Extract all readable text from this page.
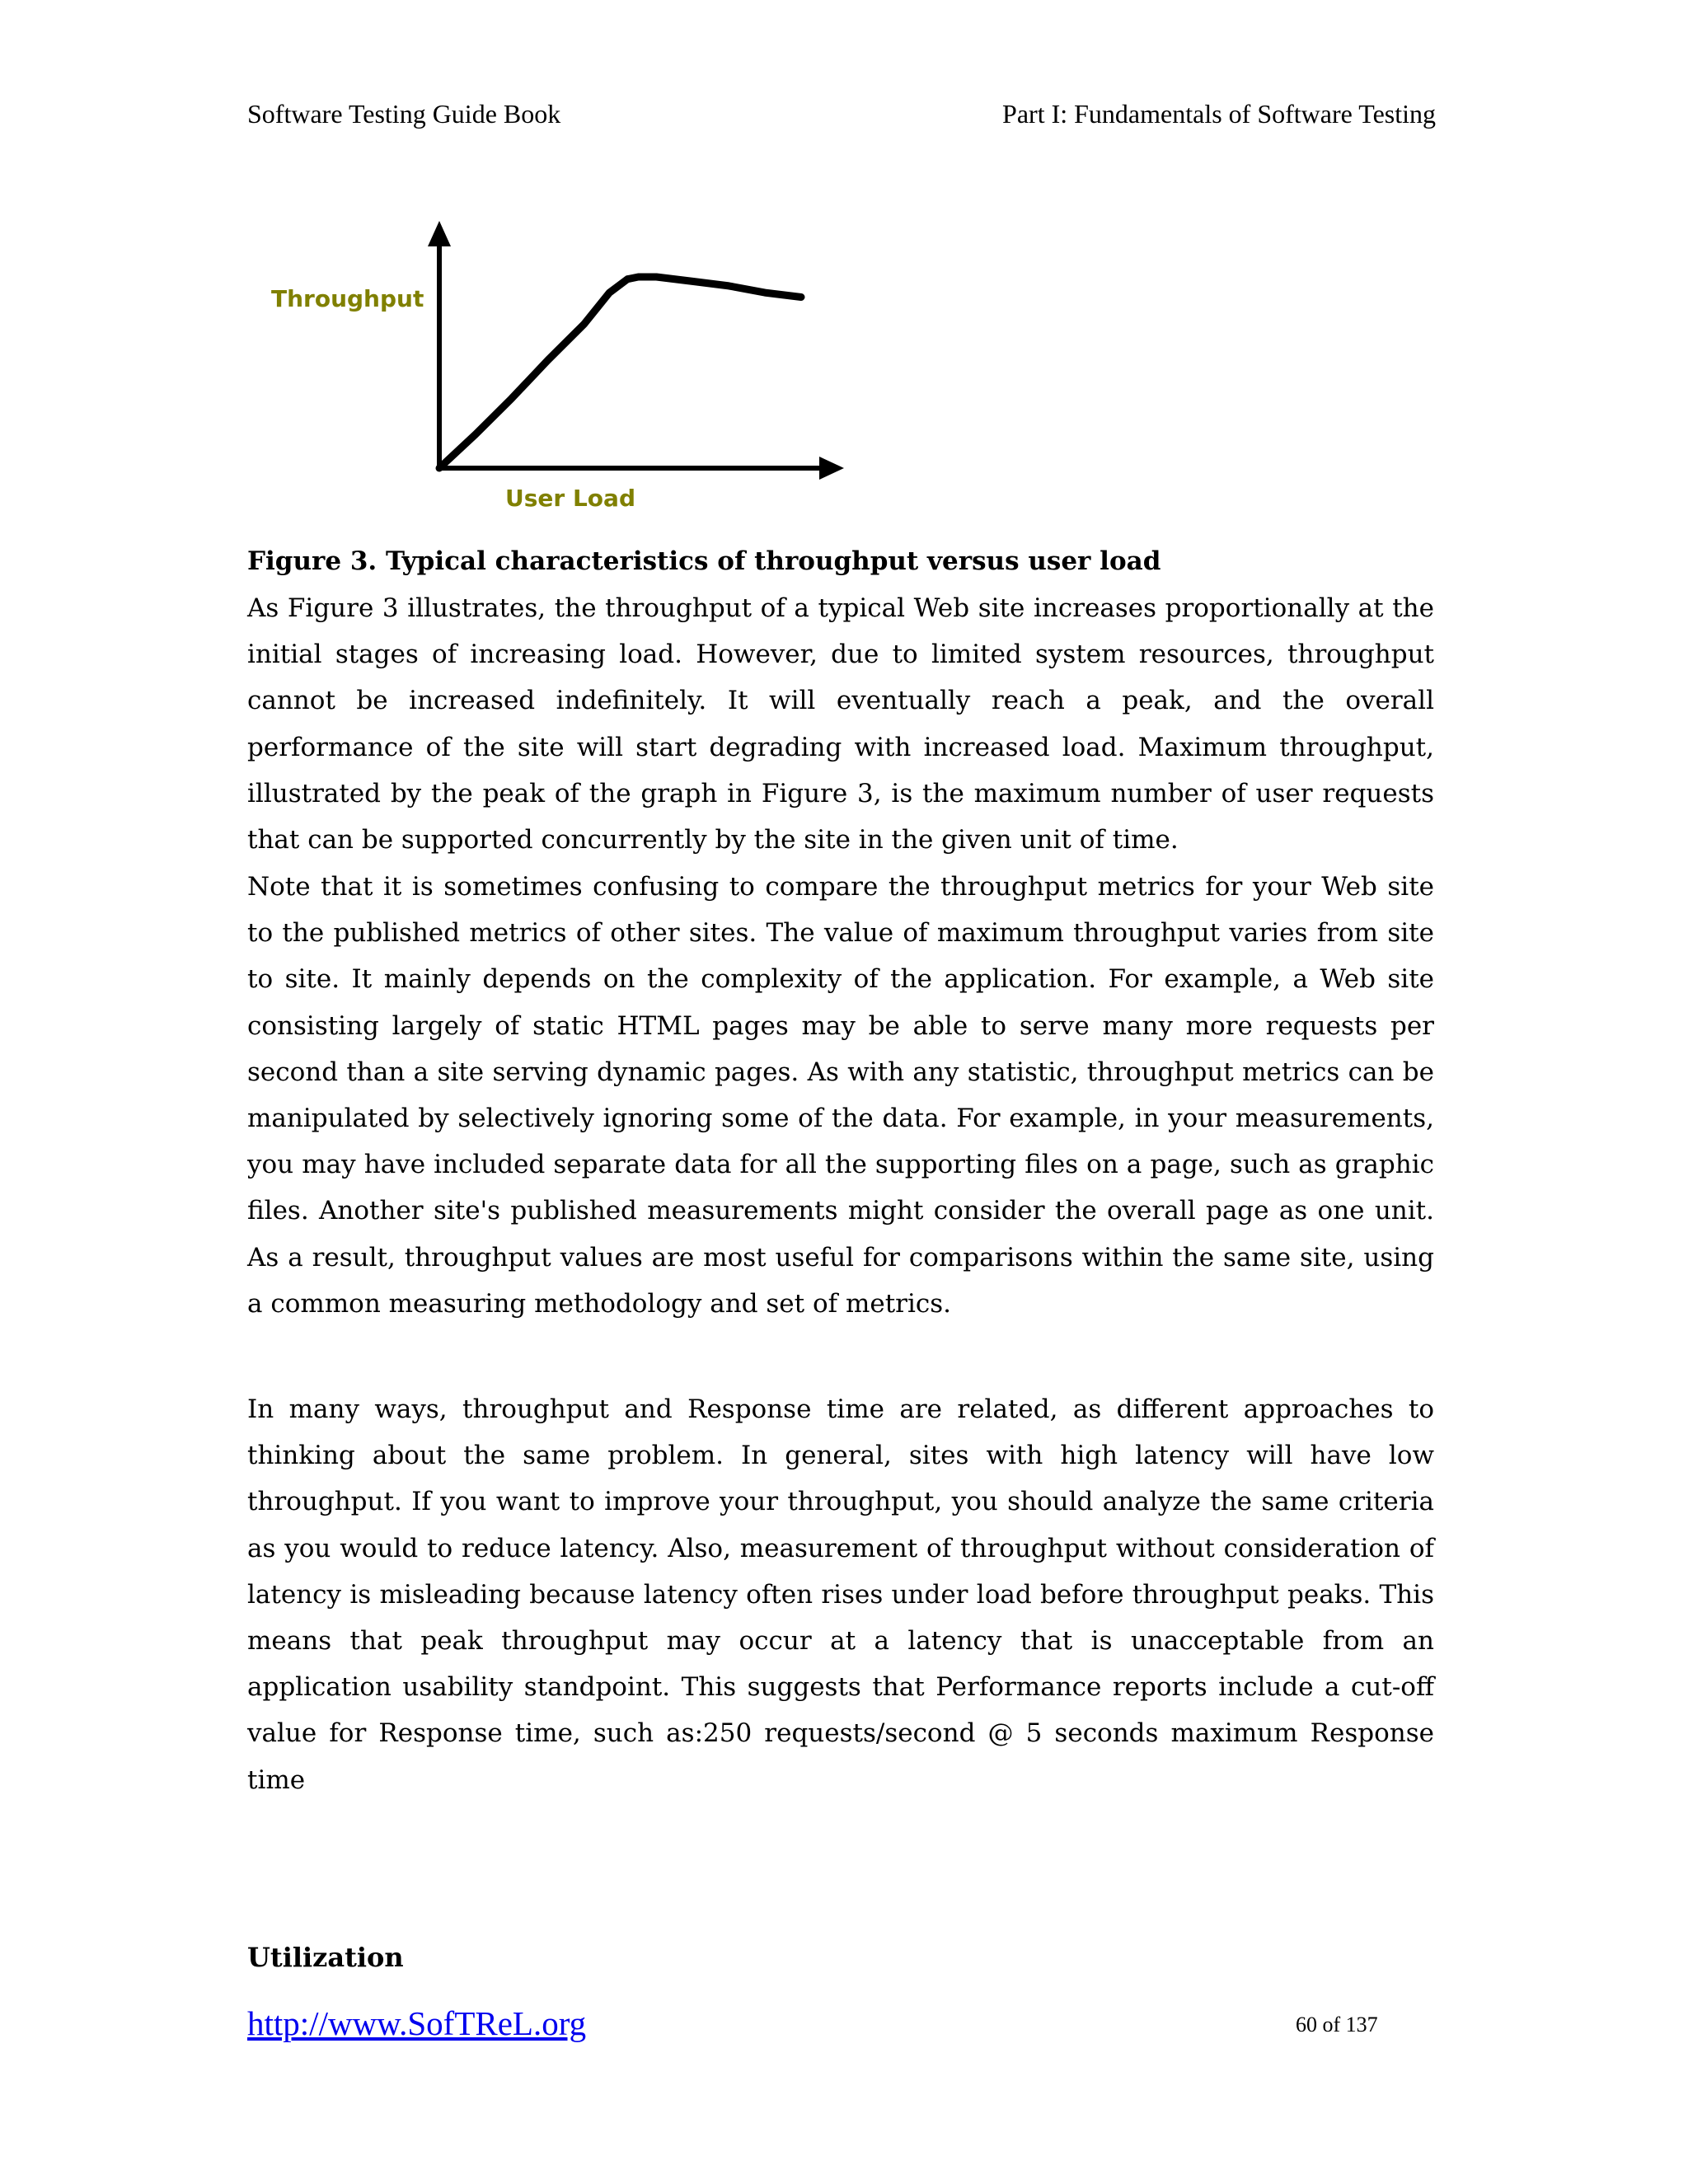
Software Testing Guide Book	Part I: Fundamentals of Software Testing
Throughput
User Load
Figure 3. Typical characteristics of throughput versus user load

As Figure 3 illustrates, the throughput of a typical Web site increases proportionally at the initial stages of increasing load. However, due to limited system resources, throughput cannot be increased indefinitely. It will eventually reach a peak, and the overall performance of the site will start degrading with increased load. Maximum throughput, illustrated by the peak of the graph in Figure 3, is the maximum number of user requests that can be supported concurrently by the site in the given unit of time.

Note that it is sometimes confusing to compare the throughput metrics for your Web site to the published metrics of other sites. The value of maximum throughput varies from site to site. It mainly depends on the complexity of the application. For example, a Web site consisting largely of static HTML pages may be able to serve many more requests per second than a site serving dynamic pages. As with any statistic, throughput metrics can be manipulated by selectively ignoring some of the data. For example, in your measurements, you may have included separate data for all the supporting files on a page, such as graphic files. Another site's published measurements might consider the overall page as one unit. As a result, throughput values are most useful for comparisons within the same site, using a common measuring methodology and set of metrics.

In many ways, throughput and Response time are related, as different approaches to thinking about the same problem. In general, sites with high latency will have low throughput. If you want to improve your throughput, you should analyze the same criteria as you would to reduce latency. Also, measurement of throughput without consideration of latency is misleading because latency often rises under load before throughput peaks. This means that peak throughput may occur at a latency that is unacceptable from an application usability standpoint. This suggests that Performance reports include a cut-off value for Response time, such as:250 requests/second @ 5 seconds maximum Response time

Utilization
http://www.SofTReL.org	60 of 137
